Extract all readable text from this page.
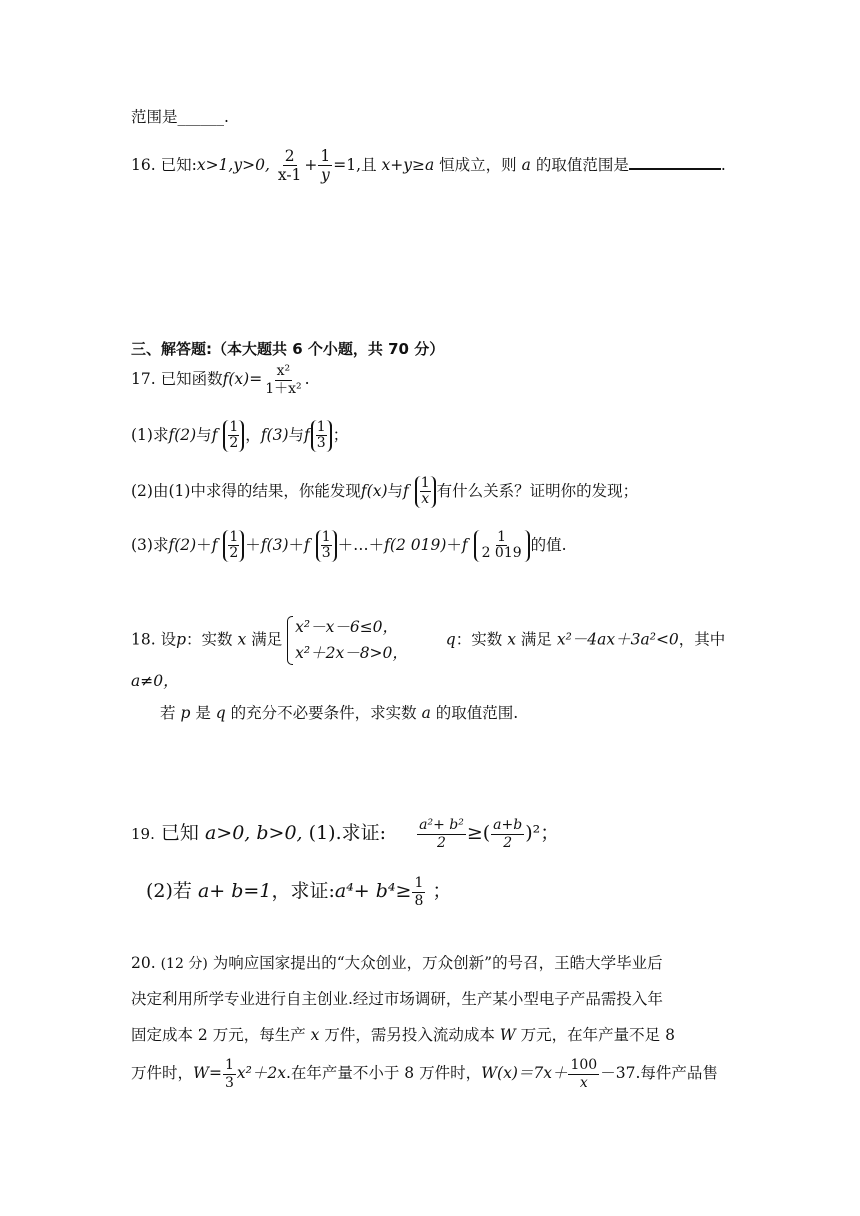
范围是______.
16. 已知:x>1,y>0, $\frac{2}{x-1} + \frac{1}{y} =1$,且 x+y≥a 恒成立，则 a 的取值范围是	.
三、解答题:（本大题共 6 个小题，共 70 分）
17. 已知函数$f(x)= \frac{\text{x²}}{\text{1＋x²}}$ .
(1)求f(2)与f $\frac{1}{2}$ ，f(3)与f $\frac{1}{3}$ ；
(2)由(1)中求得的结果，你能发现f(x)与f $\frac{1}{x}$ 有什么关系？证明你的发现；
(3)求$f(2)+f \frac{1}{2} +f(3)+f \frac{1}{3}$ ＋…＋f(2 $019)+f \frac{1}{2 019}$ 的值.
18. 设p：实数 x 满足 x²－x－6≤0，
x²＋2x－8>0，  q：实数 x 满足 x²－4ax＋3a²<0，其中
a≠0，
若 p 是 q 的充分不必要条件，求实数 a 的取值范围.
19. 已知 a>0, b>0, (1).求证: $\frac{\text{a²+ b²}}{2}$ ≥( $\frac{a+b}{2} )^2$；
(2)若 a+ b=1，求证:a⁴+ $b^4\ge \frac{1}{8}$ ；
20. (12 分) 为响应国家提出的“大众创业，万众创新”的号召，王皓大学毕业后
决定利用所学专业进行自主创业.经过市场调研，生产某小型电子产品需投入年
固定成本 2 万元，每生产 x 万件，需另投入流动成本 W 万元，在年产量不足 8
万件时，$W= \frac{1}{3} x^2+2x$.在年产量不小于 8 万件时，$W(x)=7x+ \frac{100}{x} -37$.每件产品售
